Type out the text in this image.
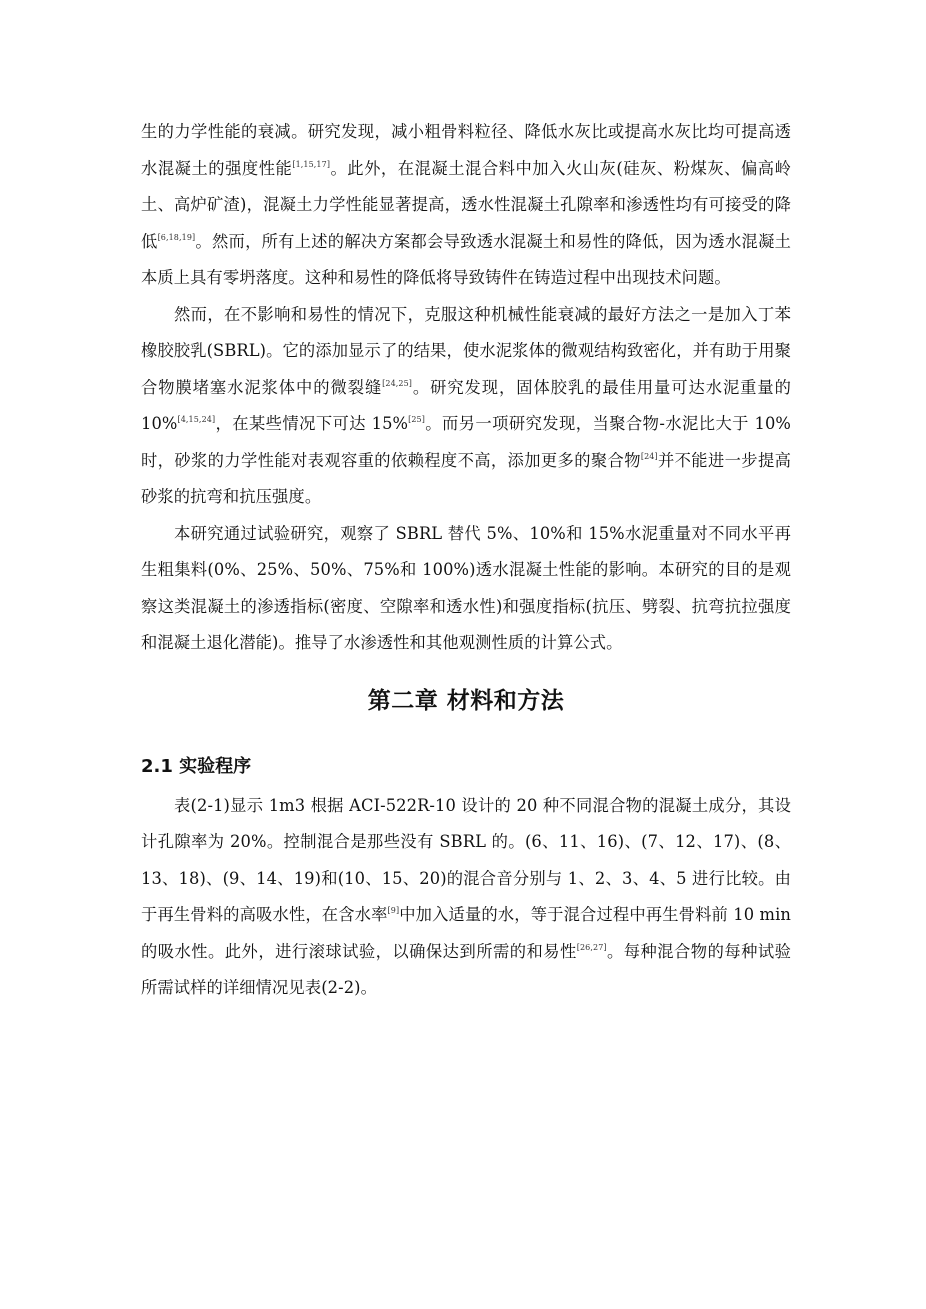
生的力学性能的衰减。研究发现，减小粗骨料粒径、降低水灰比或提高水灰比均可提高透水混凝土的强度性能[1,15,17]。此外，在混凝土混合料中加入火山灰(硅灰、粉煤灰、偏高岭土、高炉矿渣)，混凝土力学性能显著提高，透水性混凝土孔隙率和渗透性均有可接受的降低[6,18,19]。然而，所有上述的解决方案都会导致透水混凝土和易性的降低，因为透水混凝土本质上具有零坍落度。这种和易性的降低将导致铸件在铸造过程中出现技术问题。

然而，在不影响和易性的情况下，克服这种机械性能衰减的最好方法之一是加入丁苯橡胶胶乳(SBRL)。它的添加显示了的结果，使水泥浆体的微观结构致密化，并有助于用聚合物膜堵塞水泥浆体中的微裂缝[24,25]。研究发现，固体胶乳的最佳用量可达水泥重量的 10%[4,15,24]，在某些情况下可达 15%[25]。而另一项研究发现，当聚合物-水泥比大于 10%时，砂浆的力学性能对表观容重的依赖程度不高，添加更多的聚合物[24]并不能进一步提高砂浆的抗弯和抗压强度。

本研究通过试验研究，观察了 SBRL 替代 5%、10%和 15%水泥重量对不同水平再生粗集料(0%、25%、50%、75%和 100%)透水混凝土性能的影响。本研究的目的是观察这类混凝土的渗透指标(密度、空隙率和透水性)和强度指标(抗压、劈裂、抗弯抗拉强度和混凝土退化潜能)。推导了水渗透性和其他观测性质的计算公式。

第二章 材料和方法
2.1 实验程序

表(2-1)显示 1m3 根据 ACI-522R-10 设计的 20 种不同混合物的混凝土成分，其设计孔隙率为 20%。控制混合是那些没有 SBRL 的。(6、11、16)、(7、12、17)、(8、13、18)、(9、14、19)和(10、15、20)的混合音分别与 1、2、3、4、5 进行比较。由于再生骨料的高吸水性，在含水率[9]中加入适量的水，等于混合过程中再生骨料前 10 min 的吸水性。此外，进行滚球试验，以确保达到所需的和易性[26,27]。每种混合物的每种试验所需试样的详细情况见表(2-2)。
